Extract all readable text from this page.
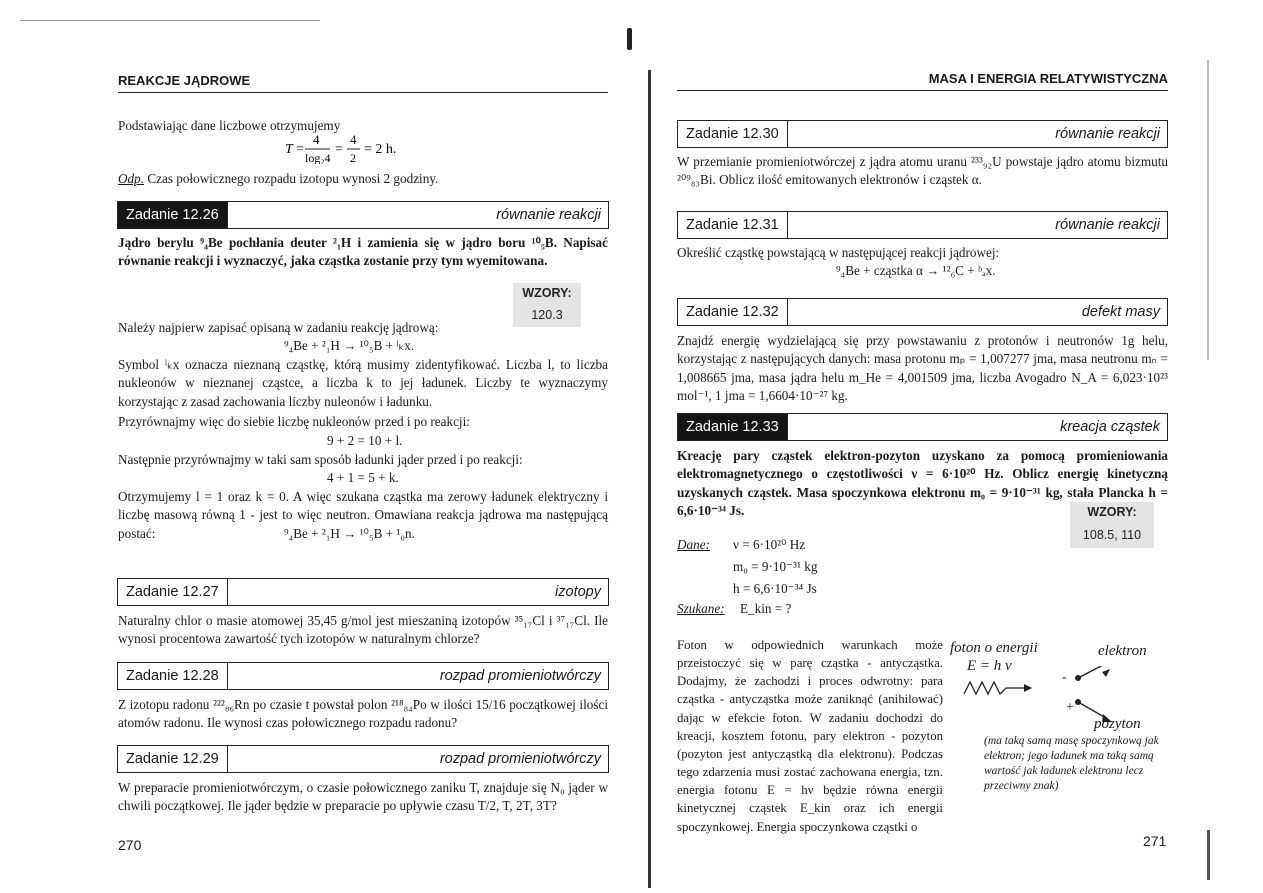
REAKCJE JĄDROWE

Podstawiając dane liczbowe otrzymujemy

T =
4
log₂4
=
4
2
= 2 h.

Odp. Czas połowicznego rozpadu izotopu wynosi 2 godziny.

Zadanie 12.26	równanie reakcji

Jądro berylu ⁹₄Be pochłania deuter ²₁H i zamienia się w jądro boru ¹⁰₅B. Napisać równanie reakcji i wyznaczyć, jaka cząstka zostanie przy tym wyemitowana.

WZORY:
120.3

Należy najpierw zapisać opisaną w zadaniu reakcję jądrową:

⁹₄Be + ²₁H → ¹⁰₅B + ˡₖx.

Symbol ˡₖx oznacza nieznaną cząstkę, którą musimy zidentyfikować. Liczba l, to liczba nukleonów w nieznanej cząstce, a liczba k to jej ładunek. Liczby te wyznaczymy korzystając z zasad zachowania liczby nuleonów i ładunku.

Przyrównajmy więc do siebie liczbę nukleonów przed i po reakcji:

9 + 2 = 10 + l.

Następnie przyrównajmy w taki sam sposób ładunki jąder przed i po reakcji:

4 + 1 = 5 + k.

Otrzymujemy l = 1 oraz k = 0. A więc szukana cząstka ma zerowy ładunek elektryczny i liczbę masową równą 1 - jest to więc neutron. Omawiana reakcja jądrowa ma następującą postać:	⁹₄Be + ²₁H → ¹⁰₅B + ¹₀n.

Zadanie 12.27	izotopy

Naturalny chlor o masie atomowej 35,45 g/mol jest mieszaniną izotopów ³⁵₁₇Cl i ³⁷₁₇Cl. Ile wynosi procentowa zawartość tych izotopów w naturalnym chlorze?

Zadanie 12.28	rozpad promieniotwórczy

Z izotopu radonu ²²²₈₆Rn po czasie t powstał polon ²¹⁸₈₄Po w ilości 15/16 początkowej ilości atomów radonu. Ile wynosi czas połowicznego rozpadu radonu?

Zadanie 12.29	rozpad promieniotwórczy

W preparacie promieniotwórczym, o czasie połowicznego zaniku T, znajduje się N₀ jąder w chwili początkowej. Ile jąder będzie w preparacie po upływie czasu T/2, T, 2T, 3T?

270
MASA I ENERGIA RELATYWISTYCZNA
Zadanie 12.30	równanie reakcji

W przemianie promieniotwórczej z jądra atomu uranu ²³³₉₂U powstaje jądro atomu bizmutu ²⁰⁹₈₃Bi. Oblicz ilość emitowanych elektronów i cząstek α.

Zadanie 12.31	równanie reakcji

Określić cząstkę powstającą w następującej reakcji jądrowej:

⁹₄Be + cząstka α → ¹²₆C + ᵇₐx.

Zadanie 12.32	defekt masy

Znajdź energię wydzielającą się przy powstawaniu z protonów i neutronów 1g helu, korzystając z następujących danych: masa protonu mₚ = 1,007277 jma, masa neutronu mₙ = 1,008665 jma, masa jądra helu m_He = 4,001509 jma, liczba Avogadro N_A = 6,023·10²³ mol⁻¹, 1 jma = 1,6604·10⁻²⁷ kg.

Zadanie 12.33	kreacja cząstek

Kreację pary cząstek elektron-pozyton uzyskano za pomocą promieniowania elektromagnetycznego o częstotliwości ν = 6·10²⁰ Hz. Oblicz energię kinetyczną uzyskanych cząstek. Masa spoczynkowa elektronu m₀ = 9·10⁻³¹ kg, stała Plancka h = 6,6·10⁻³⁴ Js.	WZORY:
108.5, 110

Dane: ν = 6·10²⁰ Hz

m₀ = 9·10⁻³¹ kg

h = 6,6·10⁻³⁴ Js

Szukane: E_kin = ?

Foton w odpowiednich warunkach może przeistoczyć się w parę cząstka - antycząstka. Dodajmy, że zachodzi i proces odwrotny: para cząstka - antycząstka może zaniknąć (anihilować) dając w efekcie foton. W zadaniu dochodzi do kreacji, kosztem fotonu, pary elektron - pozyton (pozyton jest antycząstką dla elektronu). Podczas tego zdarzenia musi zostać zachowana energia, tzn. energia fotonu E = hν będzie równa energii kinetycznej cząstek E_kin oraz ich energii spoczynkowej. Energia spoczynkowa cząstki o

foton o energii
E = h ν
elektron
-
+
pozyton

(ma taką samą masę spoczynkową jak elektron; jego ładunek ma taką samą wartość jak ładunek elektronu lecz przeciwny znak)

271
